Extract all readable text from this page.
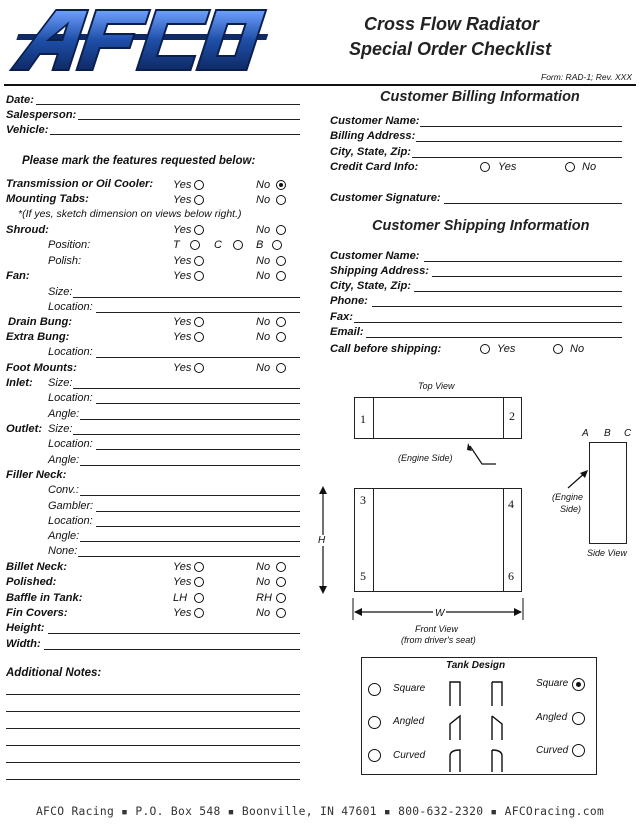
Cross Flow Radiator
Special Order Checklist
Form: RAD-1; Rev. XXX
Date:
Salesperson:
Vehicle:
Please mark the features requested below:
Transmission or Oil Cooler: Yes	No
Mounting Tabs:	Yes	No
*(If yes, sketch dimension on views below right.)
Shroud:	Yes	No
Position:	T	C	B
Polish:	Yes	No
Fan:	Yes	No
Size:
Location:
Drain Bung:	Yes	No
Extra Bung:	Yes	No
Location:
Foot Mounts:	Yes	No
Inlet: Size:
Location:
Angle:
Outlet: Size:
Location:
Angle:
Filler Neck:
Conv.:
Gambler:
Location:
Angle:
None:
Billet Neck:	Yes	No
Polished:	Yes	No
Baffle in Tank:	LH	RH
Fin Covers:	Yes	No
Height:
Width:
Additional Notes:
Customer Billing Information
Customer Name:
Billing Address:
City, State, Zip:
Credit Card Info:	Yes	No
Customer Signature:
Customer Shipping Information
Customer Name:
Shipping Address:
City, State, Zip:
Phone:
Fax:
Email:
Call before shipping:	Yes	No
Top View
1	2
(Engine Side)
A B C
(Engine
Side)
Side View
3	4
5	6
H
W
Front View
(from driver's seat)
Tank Design
Square
Angled
Curved
Square
Angled
Curved
AFCO Racing ▪ P.O. Box 548 ▪ Boonville, IN 47601 ▪ 800-632-2320 ▪ AFCOracing.com
